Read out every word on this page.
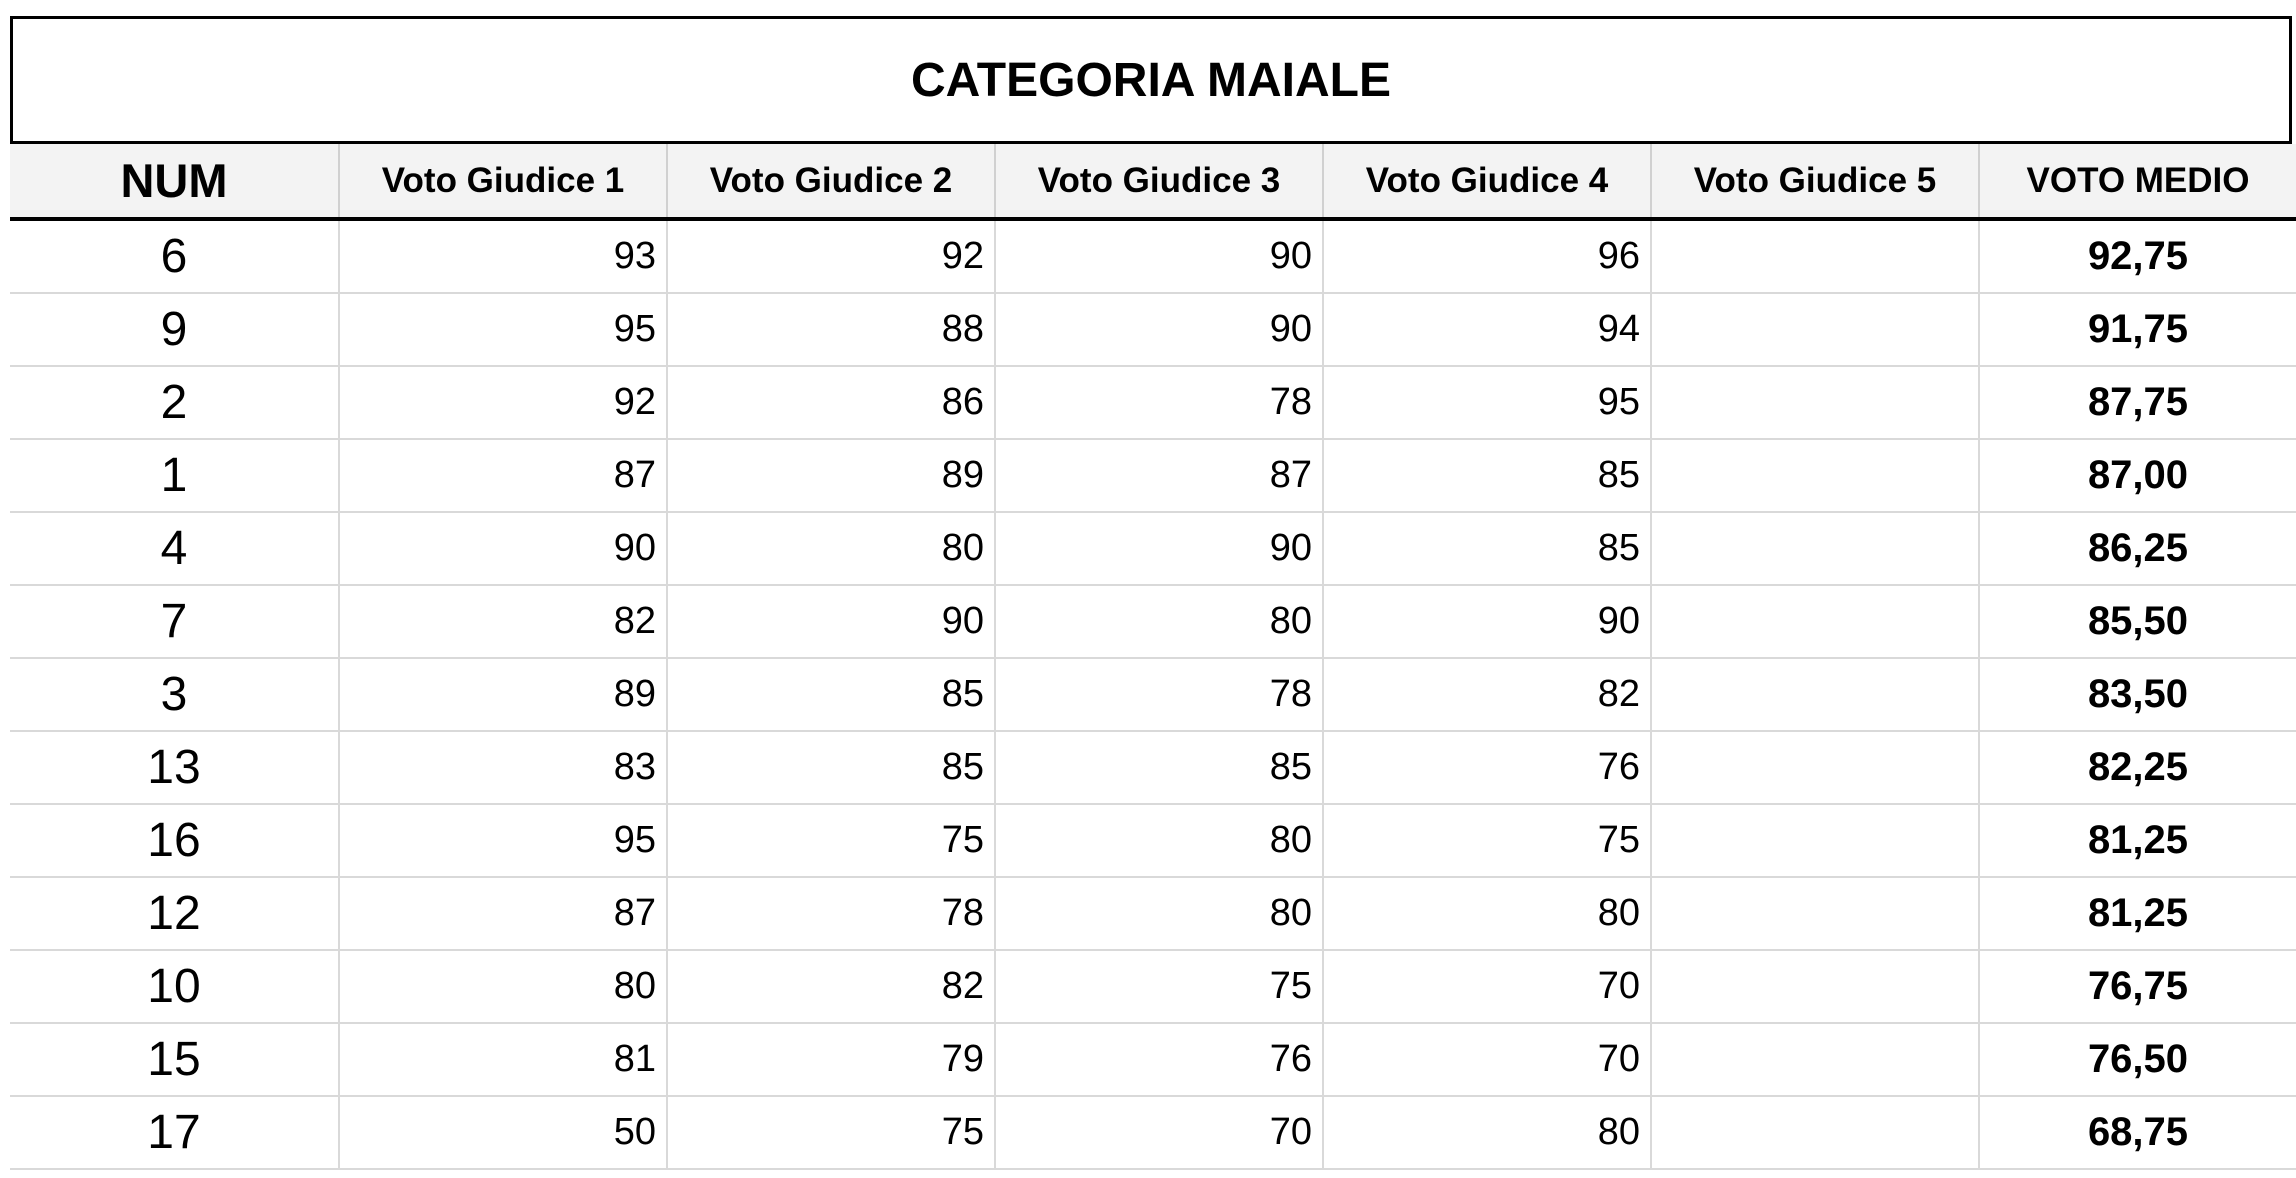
CATEGORIA MAIALE
NUM	Voto Giudice 1	Voto Giudice 2	Voto Giudice 3	Voto Giudice 4	Voto Giudice 5	VOTO MEDIO
6	93	92	90	96		92,75
9	95	88	90	94		91,75
2	92	86	78	95		87,75
1	87	89	87	85		87,00
4	90	80	90	85		86,25
7	82	90	80	90		85,50
3	89	85	78	82		83,50
13	83	85	85	76		82,25
16	95	75	80	75		81,25
12	87	78	80	80		81,25
10	80	82	75	70		76,75
15	81	79	76	70		76,50
17	50	75	70	80		68,75
